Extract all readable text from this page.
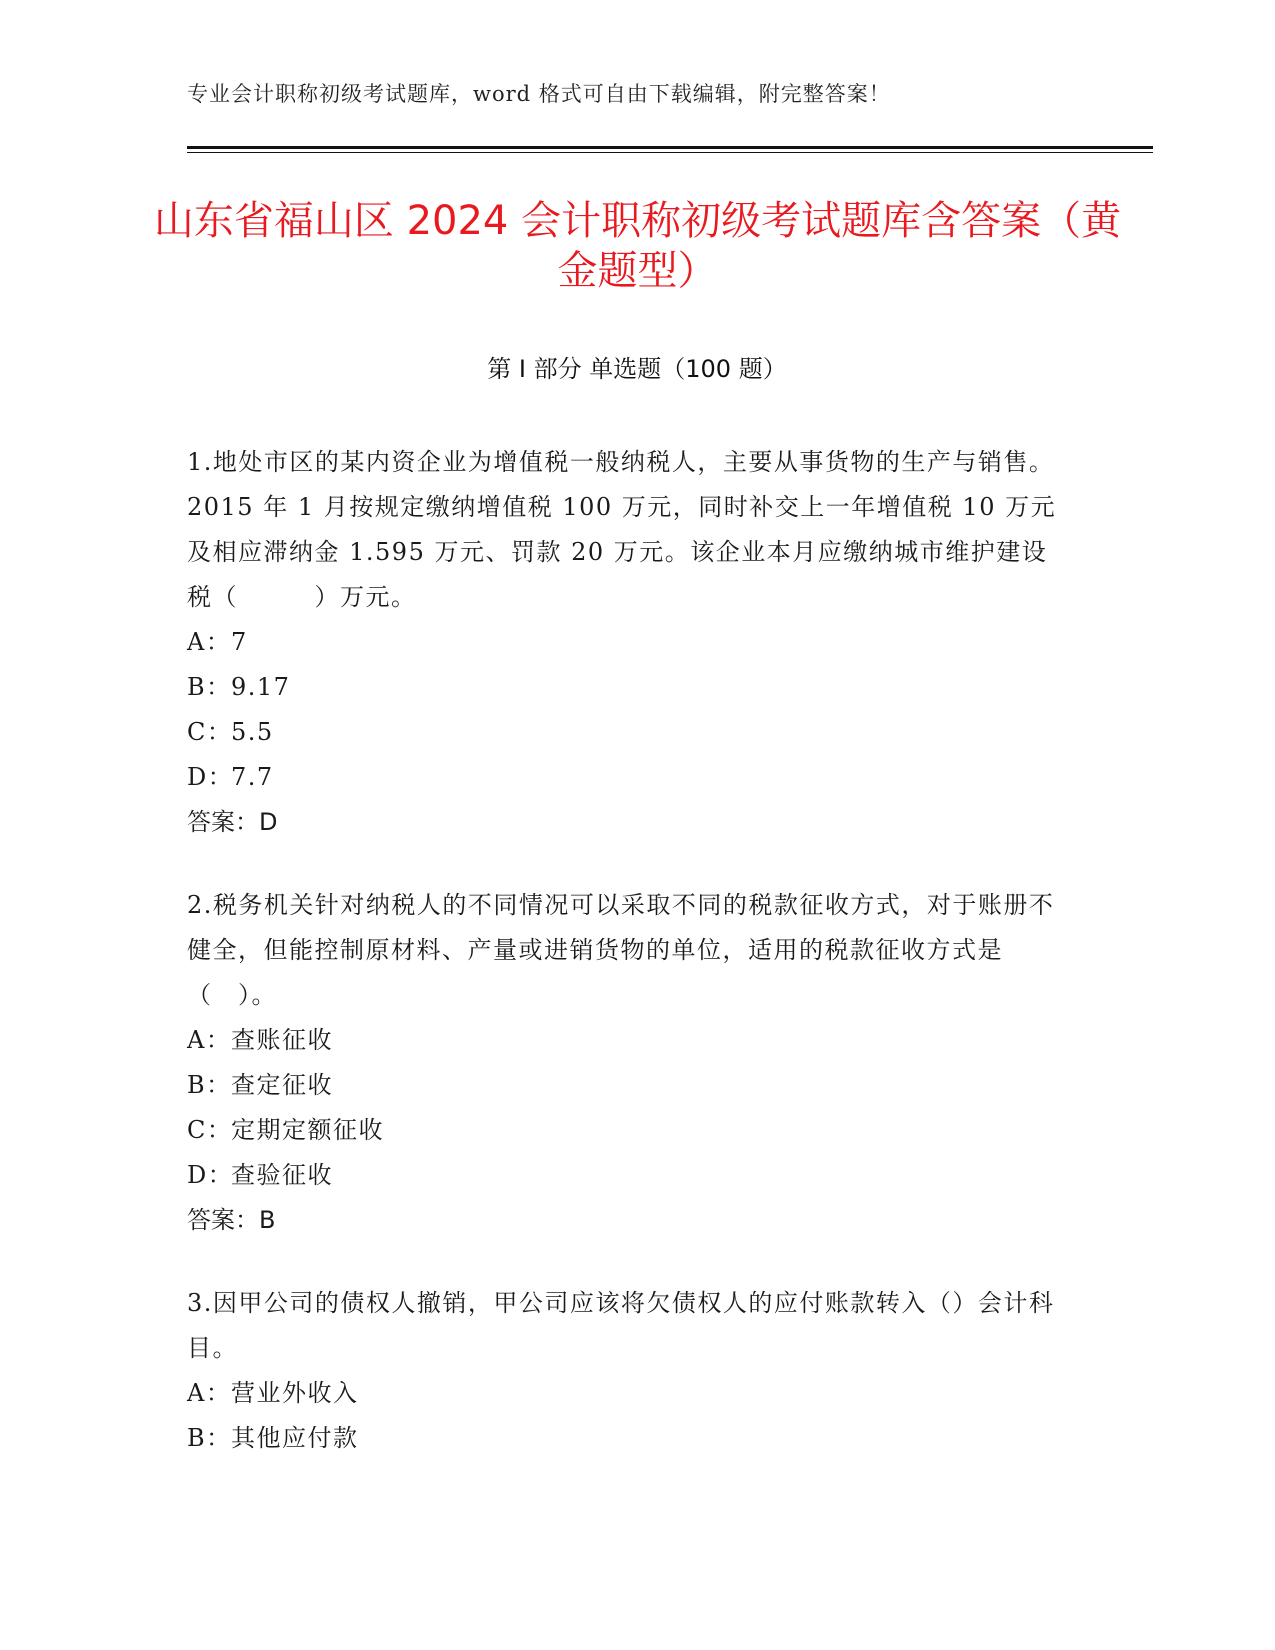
专业会计职称初级考试题库，word 格式可自由下载编辑，附完整答案！
山东省福山区 2024 会计职称初级考试题库含答案（黄金题型）
第 I 部分 单选题（100 题）

1.地处市区的某内资企业为增值税一般纳税人，主要从事货物的生产与销售。2015 年 1 月按规定缴纳增值税 100 万元，同时补交上一年增值税 10 万元及相应滞纳金 1.595 万元、罚款 20 万元。该企业本月应缴纳城市维护建设税（　　　）万元。

A：7

B：9.17

C：5.5

D：7.7

答案：D

2.税务机关针对纳税人的不同情况可以采取不同的税款征收方式，对于账册不健全，但能控制原材料、产量或进销货物的单位，适用的税款征收方式是（　）。

A：查账征收

B：查定征收

C：定期定额征收

D：查验征收

答案：B

3.因甲公司的债权人撤销，甲公司应该将欠债权人的应付账款转入（）会计科目。

A：营业外收入

B：其他应付款
